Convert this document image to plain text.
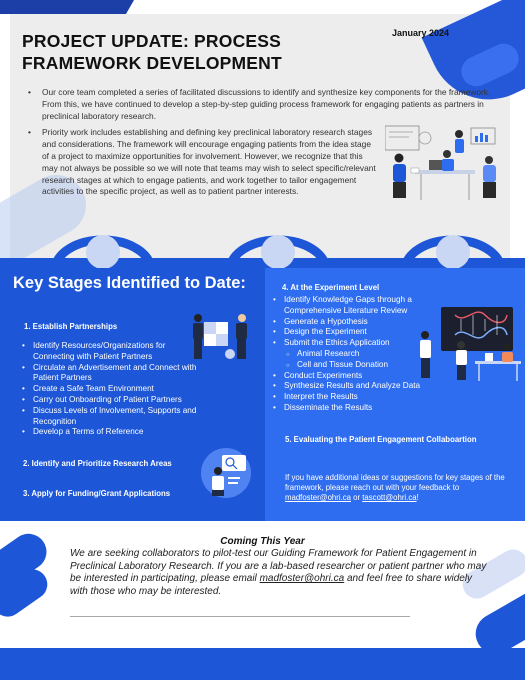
January 2024
PROJECT UPDATE: PROCESS FRAMEWORK DEVELOPMENT
• Our core team completed a series of facilitated discussions to identify and synthesize key components for the framework. From this, we have continued to develop a step-by-step guiding process framework for engaging patients as partners in preclinical laboratory research.
• Priority work includes establishing and defining key preclinical laboratory research stages and considerations. The framework will encourage engaging patients from the idea stage of a project to maximize opportunities for involvement. However, we recognize that this may not always be possible so we will note that teams may wish to select specific/relevant research stages at which to engage patients, and work together to tailor engagement activities to the specific project, as well as to patient partner interests.
Key Stages Identified to Date:
1. Establish Partnerships
• Identify Resources/Organizations for Connecting with Patient Partners
• Circulate an Advertisement and Connect with Patient Partners
• Create a Safe Team Environment
• Carry out Onboarding of Patient Partners
• Discuss Levels of Involvement, Supports and Recognition
• Develop a Terms of Reference
2. Identify and Prioritize Research Areas
3. Apply for Funding/Grant Applications
4. At the Experiment Level
• Identify Knowledge Gaps through a Comprehensive Literature Review
• Generate a Hypothesis
• Design the Experiment
• Submit the Ethics Application
○ Animal Research
○ Cell and Tissue Donation
• Conduct Experiments
• Synthesize Results and Analyze Data
• Interpret the Results
• Disseminate the Results
5. Evaluating the Patient Engagement Collaboartion

If you have additional ideas or suggestions for key stages of the framework, please reach out with your feedback to madfoster@ohri.ca or tascott@ohri.ca!

Coming This Year

We are seeking collaborators to pilot-test our Guiding Framework for Patient Engagement in Preclinical Laboratory Research. If you are a lab-based researcher or patient partner who may be interested in participating, please email madfoster@ohri.ca and feel free to share widely with those who may be interested.
